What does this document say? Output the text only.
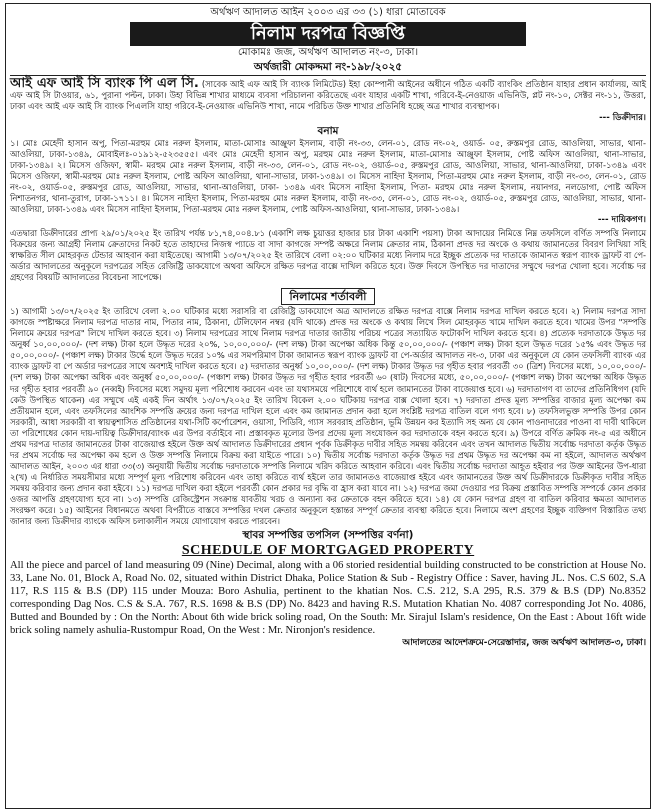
অর্থঋণ আদালত আইন ২০০৩ এর ৩৩ (১) ধারা মোতাবেক
নিলাম দরপত্র বিজ্ঞপ্তি
মোকামঃ জজ, অর্থঋণ আদালত নং-৩, ঢাকা।
অর্থজারী মোকদ্দমা নং-১৯৮/২০২৫
আই এফ আই সি ব্যাংক পি এল সি. (সাবেক আই এফ আই সি ব্যাংক লিমিটেড) ইহা কোম্পানী আইনের অধীনে গঠিত একটি ব্যাংকিং প্রতিষ্ঠান যাহার প্রধান কার্যালয়, আই এফ আই সি টাওয়ার, ৬১, পুরানা পল্টন, ঢাকা। উহা বিভিন্ন শাখার মাধ্যমে ব্যবসা পরিচালনা করিতেছে এবং যাহার একটি শাখা, গরিবে-ই-নেওয়াজ এভিনিউ, প্লট নং-১০, সেক্টর নং-১১, উত্তরা, ঢাকা এবং আই এফ আই সি ব্যাংক পিএলসি যাহা গরিবে-ই-নেওয়াজ এভিনিউ শাখা, নামে পরিচিত উক্ত শাখার প্রতিনিধি হচ্ছে অত্র শাখার ব্যবস্থাপক।
--- ডিক্রীদার।
বনাম
১। মোঃ মেহেদী হাসান অপু, পিতা-মরহুম মোঃ নরুল ইসলাম, মাতা-মোসাঃ আঞ্জুফা ইসলাম, বাড়ী নং-৩৩, লেন-০১, রোড নং-০২, ওয়ার্ড- ০৫, রুস্তমপুর রোড, আওলিয়া, সাভার, থানা-আওলিয়া, ঢাকা-১৩৪৯, মোবাইলঃ-০১৯১২-৫২৩৫৫৫। এবং মোঃ মেহেদী হাসান অপু, মরহুম মোঃ নরুল ইসলাম, মাতা-মোসাঃ আঞ্জুফা ইসলাম, পোষ্ট অফিস আওলিয়া, থানা-সাভার, ঢাকা-১৩৪৯। ২। মিসেস ওজিফা, স্বামী- মরহুম মোঃ নরুল ইসলাম, বাড়ী নং-৩৩, লেন-০১, রোড নং-০২, ওয়ার্ড-০৫, রুস্তমপুর রোড, আওলিয়া, সাভার, থানা-আওলিয়া, ঢাকা-১৩৪৯ এবং মিসেস ওজিফা, স্বামী-মরহুম মোঃ নরুল ইসলাম, পোষ্ট অফিস আওলিয়া, থানা-সাভার, ঢাকা-১৩৪৯। ৩। মিসেস নাহিদা ইসলাম, পিতা-মরহুম মোঃ নরুল ইসলাম, বাড়ী নং-৩৩, লেন-০১, রোড নং-০২, ওয়ার্ড-০৫, রুস্তমপুর রোড, আওলিয়া, সাভার, থানা-আওলিয়া, ঢাকা- ১৩৪৯ এবং মিসেস নাহিদা ইসলাম, পিতা- মরহুম মোঃ নরুল ইসলাম, নয়ানগর, নলডোগা, পোষ্ট অফিস নিশাতনগর, থানা-তুরাগ, ঢাকা-১৭১১। ৪। মিসেস নাহিদা ইসলাম, পিতা-মরহুম মোঃ নরুল ইসলাম, বাড়ী নং-৩৩, লেন-০১, রোড নং-০২, ওয়ার্ড-০৫, রুস্তমপুর রোড, আওলিয়া, সাভার, থানা-আওলিয়া, ঢাকা-১৩৪৯ এবং মিসেস নাহিদা ইসলাম, পিতা-মরহুম মোঃ নরুল ইসলাম, পোষ্ট অফিস-আওলিয়া, থানা-সাভার, ঢাকা-১৩৪৯।
--- দায়িকগণ।
এতদ্বারা ডিক্রীদারের প্রাপ্য ২৯/০১/২০২৫ ইং তারিখ পর্যন্ত ৮১,৭৪,০০৪.৮১ (একাশি লক্ষ চুয়াত্তর হাজার চার টাকা একাশি পয়সা) টাকা আদায়ের নিমিত্তে নিম্ন তফসিলে বর্ণিত সম্পত্তি নিলামে বিক্রয়ের জন্য আগ্রহী নিলাম ক্রেতাদের নিকট হতে তাহাদের নিজস্ব প্যাডে বা সাদা কাগজে সম্পষ্ট অক্ষরে নিলাম ক্রেতার নাম, ঠিকানা প্রদত্ত দর অংকে ও কথায় জামানতের বিবরণ লিখিয়া সহি স্বাক্ষরিত সীল মোহরকৃত টেন্ডার আহবান করা যাইতেছে। আগামী ১৩/০৭/২০২৫ ইং তারিখে বেলা ০২:০০ ঘটিকার মধ্যে নিলাম দরে ইচ্ছুক প্রত্যেক দর দাতাকে জামানত স্বরূপ ব্যাংক ড্রাফট বা পে-অর্ডার আদালতের অনুকূলে দরপত্রের সহিত রেজিষ্ট্রি ডাকযোগে অথবা অফিসে রক্ষিত দরপত্র বাক্সে দাখিল করিতে হবে। উক্ত দিবসে উপস্থিত দর দাতাদের সম্মুখে দরপত্র খোলা হবে। সর্বোচ্চ দর গ্রহণের বিষয়টি আদালতের বিবেচনা সাপেক্ষে।
নিলামের শর্তাবলী
১) আগামী ১৩/০৭/২০২৫ ইং তারিখে বেলা ২.০০ ঘটিকার মধ্যে সরাসরি বা রেজিষ্ট্রি ডাকযোগে অত্র আদালতে রক্ষিত দরপত্র বাক্সে নিলাম দরপত্র দাখিল করতে হবে। ২) নিলাম দরপত্র সাদা কাগজে স্পষ্টাক্ষরে নিলাম দরপত্র দাতার নাম, পিতার নাম, ঠিকানা, টেলিফোন নম্বর (যদি থাকে) প্রদত্ত দর অংকে ও কথায় লিখে সিল মোহরকৃত খামে দাখিল করতে হবে। খামের উপর "সম্পত্তি নিলামে ক্রয়ের দরপত্র" লিখে দাখিল করতে হবে। ৩) নিলাম দরপত্রের সাথে নিলাম দরপত্র দাতার জাতীয় পরিচয় পত্রের সত্যায়িত ফটোকপি দাখিল করতে হবে। ৪) প্রত্যেক দরদাতাকে উদ্ধৃত দর অনুর্ধ্ব ১০,০০,০০০/- (দশ লক্ষ) টাকা হলে উদ্ধৃত দরের ২০%, ১০,০০,০০০/- (দশ লক্ষ) টাকা অপেক্ষা অধিক কিন্তু ৫০,০০,০০০/- (পঞ্চাশ লক্ষ) টাকা হলে উদ্ধৃত দরের ১৫% এবং উদ্ধৃত দর ৫০,০০,০০০/- (পঞ্চাশ লক্ষ) টাকার উর্দ্ধে হলে উদ্ধৃত দরের ১০% এর সমপরিমাণ টাকা জামানত স্বরূপ ব্যাংক ড্রাফট বা পে-অর্ডার আদালত নং-৩, ঢাকা এর অনুকূলে যে কোন তফসিলী ব্যাংক এর ব্যাংক ড্রাফট বা পে অর্ডার দরপত্রের সাথে অবশ্যই দাখিল করতে হবে। ৫) দরদাতার অনুর্ধ্ব ১০,০০,০০০/- (দশ লক্ষ) টাকার উদ্ধৃত দর গৃহীত হবার পরবর্তী ৩০ (ত্রিশ) দিবসের মধ্যে, ১০,০০,০০০/- (দশ লক্ষ) টাকা অপেক্ষা অধিক এবং অনুর্ধ্ব ৫০,০০,০০০/- (পঞ্চাশ লক্ষ) টাকার উদ্ধৃত দর গৃহীত হবার পরবর্তী ৬০ (ষাট) দিবসের মধ্যে, ৫০,০০,০০০/- (পঞ্চাশ লক্ষ) টাকা অপেক্ষা অধিক উদ্ধৃত দর গৃহীত হবার পরবর্তী ৯০ (নব্বই) দিবসের মধ্যে সমুদয় মূল্য পরিশোধ করবেন এবং তা যথাসময়ে পরিশোধে ব্যর্থ হলে জামানতের টাকা বাজেয়াপ্ত হবে। ৬) দরদাতাগণ বা তাদের প্রতিনিধিগণ (যদি কেউ উপস্থিত থাকেন) এর সম্মুখে এই একই দিন অর্থাৎ ১৩/০৭/২০২৫ ইং তারিখ বিকেল ২.০০ ঘটিকায় দরপত্র বাক্স খোলা হবে। ৭) দরদাতা প্রদত্ত মূল্য সম্পত্তির বাজার মূল্য অপেক্ষা কম প্রতীয়মান হলে, এবং তফসিলের আংশিক সম্পত্তি ক্রয়ের জন্য দরপত্র দাখিল হলে এবং কম জামানত প্রদান করা হলে সংশ্লিষ্ট দরপত্র বাতিল বলে গণ্য হবে। ৮) তফসিলভুক্ত সম্পত্তি উপর কোন সরকারী, আধা সরকারী বা স্বায়ত্বশাসিত প্রতিষ্ঠানের যথা-সিটি কর্পোরেশন, ওয়াসা, পিডিবি, গ্যাস সরবরাহ প্রতিষ্ঠান, ভূমি উন্নয়ন কর ইত্যাদি সহ অন্য যে কোন পাওনাদারের পাওনা বা দাবী থাকিলে তা পরিশোধের কোন দায়-দায়িত্ব ডিক্রীদার/ব্যাংক এর উপর বর্তাইবে না। প্রস্তাবকৃত মূল্যের উপর প্রদেয় মূল্য সংযোজন কর দরদাতাকে বহন করতে হবে। ৯) উপরে বর্ণিত ক্রমিক নং-৫ এর অধীনে প্রথম দরপত্র দাতার জামানতের টাকা বাজেয়াপ্ত হইলে উক্ত অর্থ আদালত ডিক্রীদারের প্রধান পূর্বক ডিক্রীকৃত দাবীর সহিত সমন্বয় করিবেন এবং তখন আদালত দ্বিতীয় সর্বোচ্চ দরদাতা কর্তৃক উদ্ধৃত দর প্রথম সর্বোচ্চ দর অপেক্ষা কম হলে ও উক্ত সম্পত্তি নিলামে বিক্রয় করা যাইতে পারে। ১০) দ্বিতীয় সর্বোচ্চ দরদাতা কর্তৃক উদ্ধৃত দর প্রথম উদ্ধৃত দর অপেক্ষা কম না হইলে, আদালত অর্থঋণ আদালত আইন, ২০০৩ এর ধারা ৩৩(৩) অনুযায়ী দ্বিতীয় সর্বোচ্চ দরদাতাকে সম্পত্তি নিলামে খরিদ করিতে আহবান করিবে। এবং দ্বিতীয় সর্বোচ্চ দরদাতা আহূত হইবার পর উক্ত আইনের উপ-ধারা ২(খ) এ নির্ধারিত সময়সীমার মধ্যে সম্পূর্ণ মূল্য পরিশোধ করিবেন এবং তাহা করিতে ব্যর্থ হইলে তার জামানতও বাজেয়াপ্ত হইবে এবং জামানতের উক্ত অর্থ ডিক্রীদারকে ডিক্রীকৃত দাবীর সহিত সমন্বয় করিবার জন্য প্রদান করা হইবে। ১১) দরপত্র দাখিল করা হইলে পরবর্তী কোন প্রকার দর বৃদ্ধি বা হ্রাস করা যাবে না। ১২) দরপত্র জমা দেওয়ার পর বিক্রয় প্রস্তাবিত সম্পত্তি সম্পর্কে কোন প্রকার ওজর আপত্তি গ্রহণযোগ্য হবে না। ১৩) সম্পত্তি রেজিস্ট্রেশন সংক্রান্ত যাবতীয় খরচ ও অন্যান্য কর ক্রেতাকে বহন করিতে হবে। ১৪) যে কোন দরপত্র গ্রহণ বা বাতিল করিবার ক্ষমতা আদালত সংরক্ষণ করে। ১৫) আইনের বিধানমতে অথবা বিপরীতে বাস্তবে সম্পত্তির দখল ক্রেতার অনুকূলে হস্তান্তর সম্পূর্ণ ক্রেতার ব্যবস্থা করিতে হবে। নিলামে অংশ গ্রহণের ইচ্ছুক ব্যক্তিগণ বিস্তারিত তথ্য জানার জন্য ডিক্রীদার ব্যাংকে অফিস চলাকালীন সময়ে যোগাযোগ করতে পারবেন।
স্থাবর সম্পত্তির তপসিল (সম্পত্তির বর্ণনা)
SCHEDULE OF MORTGAGED PROPERTY
All the piece and parcel of land measuring 09 (Nine) Decimal, along with a 06 storied residential building constructed to be constriction at House No. 33, Lane No. 01, Block A, Road No. 02, situated within District Dhaka, Police Station & Sub - Registry Office : Saver, having JL. Nos. C.S 602, S.A 117, R.S 115 & B.S (DP) 115 under Mouza: Boro Ashulia, pertinent to the khatian Nos. C.S. 212, S.A 295, R.S. 379 & B.S (DP) No.8352 corresponding Dag Nos. C.S & S.A. 767, R.S. 1698 & B.S (DP) No. 8423 and having R.S. Mutation Khatian No. 4087 corresponding Jot No. 4086, Butted and Bounded by : On the North: About 6th wide brick soling road, On the South: Mr. Sirajul Islam's residence, On the East : About 16ft wide brick soling namely ashulia-Rustompur Road, On the West : Mr. Nironjon's residence.
আদালতের আদেশক্রমে-সেরেস্তাদার, জজ অর্থঋণ আদালত-৩, ঢাকা।
